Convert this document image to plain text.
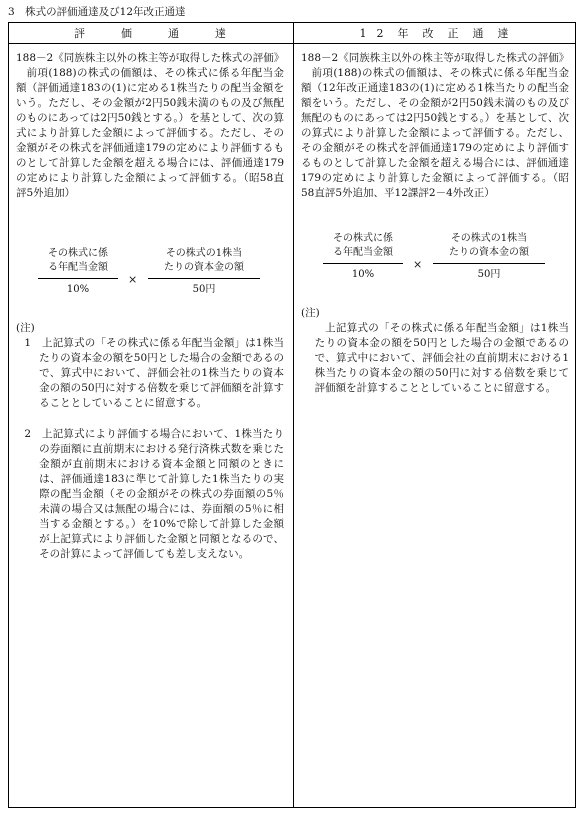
3　株式の評価通達及び12年改正通達
評	価	通	達	1 2 年 改 正 通 達

188－2《同族株主以外の株主等が取得した株式の評価》

前項(188)の株式の価額は、その株式に係る年配当金額（評価通達183の(1)に定める1株当たりの配当金額をいう。ただし、その金額が2円50銭未満のもの及び無配のものにあっては2円50銭とする。）を基として、次の算式により計算した金額によって評価する。ただし、その金額がその株式を評価通達179の定めにより評価するものとして計算した金額を超える場合には、評価通達179の定めにより計算した金額によって評価する。（昭58直評5外追加）

その株式に係
る年配当金額
10%
×
その株式の1株当
たりの資本金の額
50円

(注)

1　 上記算式の「その株式に係る年配当金額」は1株当たりの資本金の額を50円とした場合の金額であるので、算式中において、評価会社の1株当たりの資本金の額の50円に対する倍数を乗じて評価額を計算することとしていることに留意する。

2　 上記算式により評価する場合において、1株当たりの券面額に直前期末における発行済株式数を乗じた金額が直前期末における資本金額と同額のときには、評価通達183に準じて計算した1株当たりの実際の配当金額（その金額がその株式の券面額の5％未満の場合又は無配の場合には、券面額の5％に相当する金額とする。）を10%で除して計算した金額が上記算式により評価した金額と同額となるので、その計算によって評価しても差し支えない。

188－2《同族株主以外の株主等が取得した株式の評価》

前項(188)の株式の価額は、その株式に係る年配当金額（12年改正通達183の(1)に定める1株当たりの配当金額をいう。ただし、その金額が2円50銭未満のもの及び無配のものにあっては2円50銭とする。）を基として、次の算式により計算した金額によって評価する。ただし、その金額がその株式を評価通達179の定めにより評価するものとして計算した金額を超える場合には、評価通達179の定めにより計算した金額によって評価する。（昭58直評5外追加、平12課評2－4外改正）

その株式に係
る年配当金額
10%
×
その株式の1株当
たりの資本金の額
50円

(注)

上記算式の「その株式に係る年配当金額」は1株当たりの資本金の額を50円とした場合の金額であるので、算式中において、評価会社の直前期末における1株当たりの資本金の額の50円に対する倍数を乗じて評価額を計算することとしていることに留意する。
